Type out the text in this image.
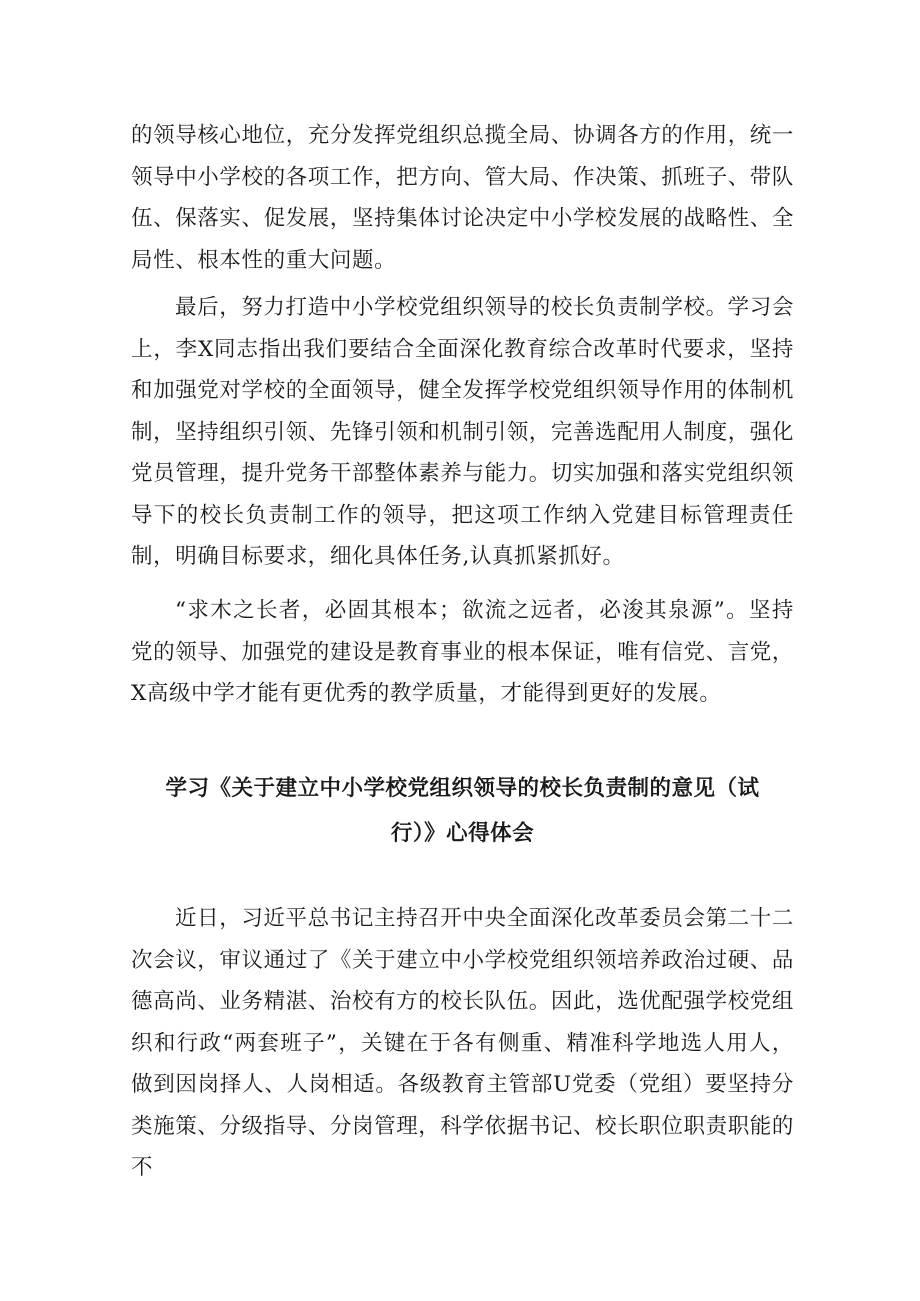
的领导核心地位，充分发挥党组织总揽全局、协调各方的作用，统一领导中小学校的各项工作，把方向、管大局、作决策、抓班子、带队伍、保落实、促发展，坚持集体讨论决定中小学校发展的战略性、全局性、根本性的重大问题。

最后，努力打造中小学校党组织领导的校长负责制学校。学习会上，李X同志指出我们要结合全面深化教育综合改革时代要求，坚持和加强党对学校的全面领导，健全发挥学校党组织领导作用的体制机制，坚持组织引领、先锋引领和机制引领，完善选配用人制度，强化党员管理，提升党务干部整体素养与能力。切实加强和落实党组织领导下的校长负责制工作的领导，把这项工作纳入党建目标管理责任制，明确目标要求，细化具体任务,认真抓紧抓好。

“求木之长者，必固其根本；欲流之远者，必浚其泉源”。坚持党的领导、加强党的建设是教育事业的根本保证，唯有信党、言党，X高级中学才能有更优秀的教学质量，才能得到更好的发展。

学习《关于建立中小学校党组织领导的校长负责制的意见（试
行）》心得体会

近日，习近平总书记主持召开中央全面深化改革委员会第二十二次会议，审议通过了《关于建立中小学校党组织领培养政治过硬、品德高尚、业务精湛、治校有方的校长队伍。因此，选优配强学校党组织和行政“两套班子”，关键在于各有侧重、精准科学地选人用人，做到因岗择人、人岗相适。各级教育主管部U党委（党组）要坚持分类施策、分级指导、分岗管理，科学依据书记、校长职位职责职能的不
